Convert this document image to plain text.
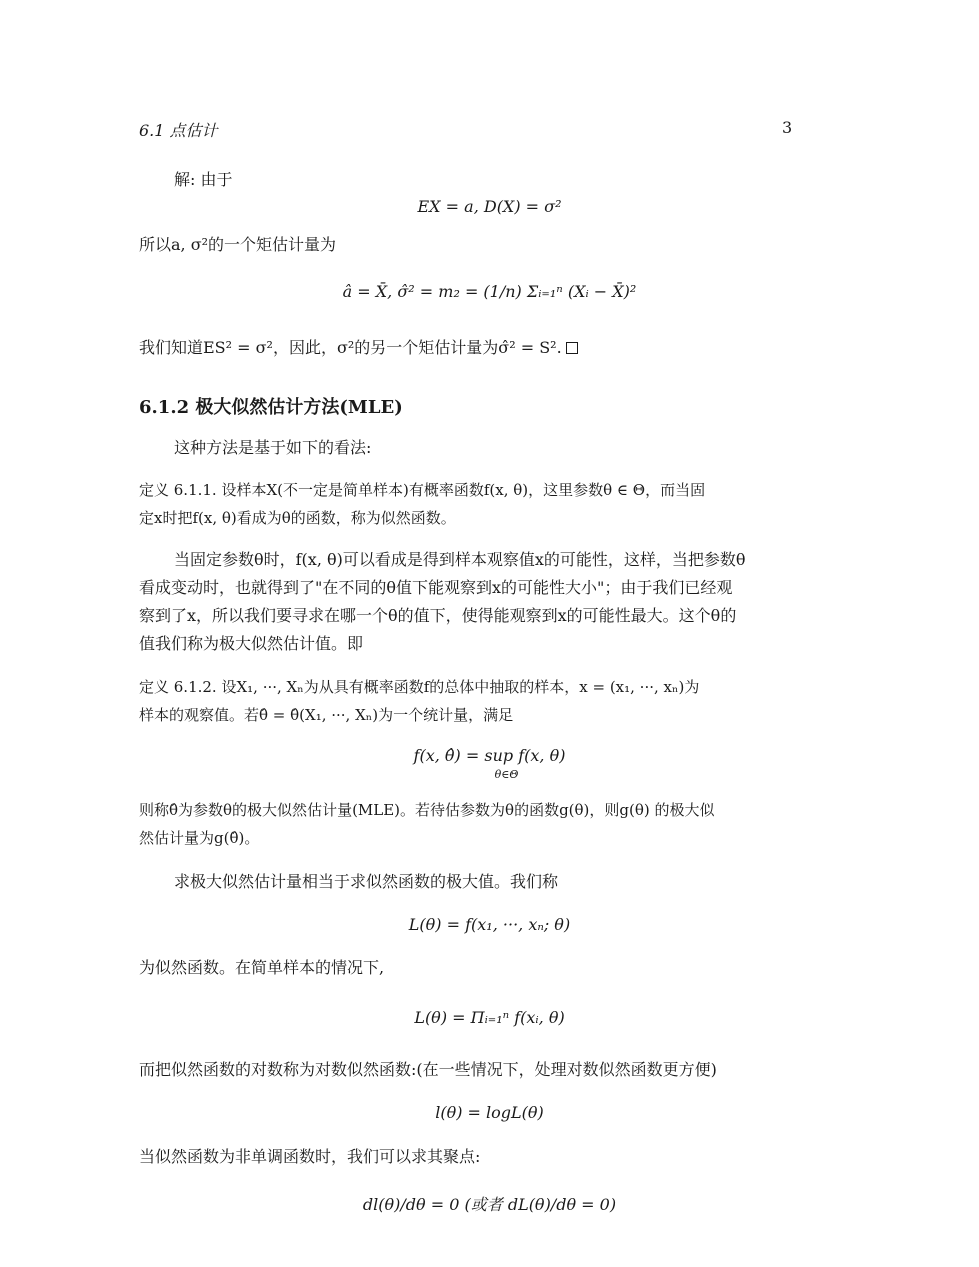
6.1 点估计	3
解: 由于
EX = a, D(X) = σ²
所以a, σ²的一个矩估计量为
â = X̄, σ̂² = m₂ = (1/n) Σᵢ₌₁ⁿ (Xᵢ − X̄)²
我们知道ES² = σ²，因此，σ²的另一个矩估计量为σ̂² = S².
6.1.2 极大似然估计方法(MLE)
这种方法是基于如下的看法:
定义 6.1.1. 设样本X(不一定是简单样本)有概率函数f(x, θ)，这里参数θ ∈ Θ，而当固
定x时把f(x, θ)看成为θ的函数，称为似然函数。
当固定参数θ时，f(x, θ)可以看成是得到样本观察值x的可能性，这样，当把参数θ
看成变动时，也就得到了"在不同的θ值下能观察到x的可能性大小"；由于我们已经观
察到了x，所以我们要寻求在哪一个θ的值下，使得能观察到x的可能性最大。这个θ的
值我们称为极大似然估计值。即
定义 6.1.2. 设X₁, ···, Xₙ为从具有概率函数f的总体中抽取的样本，x = (x₁, ···, xₙ)为
样本的观察值。若θ̂ = θ̂(X₁, ···, Xₙ)为一个统计量，满足
f(x, θ̂) = sup f(x, θ)
θ∈Θ
则称θ̂为参数θ的极大似然估计量(MLE)。若待估参数为θ的函数g(θ)，则g(θ) 的极大似
然估计量为g(θ̂)。
求极大似然估计量相当于求似然函数的极大值。我们称
L(θ) = f(x₁, ···, xₙ; θ)
为似然函数。在简单样本的情况下,
L(θ) = Πᵢ₌₁ⁿ f(xᵢ, θ)
而把似然函数的对数称为对数似然函数:(在一些情况下，处理对数似然函数更方便)
l(θ) = logL(θ)
当似然函数为非单调函数时，我们可以求其聚点:
dl(θ)/dθ = 0 (或者 dL(θ)/dθ = 0)
